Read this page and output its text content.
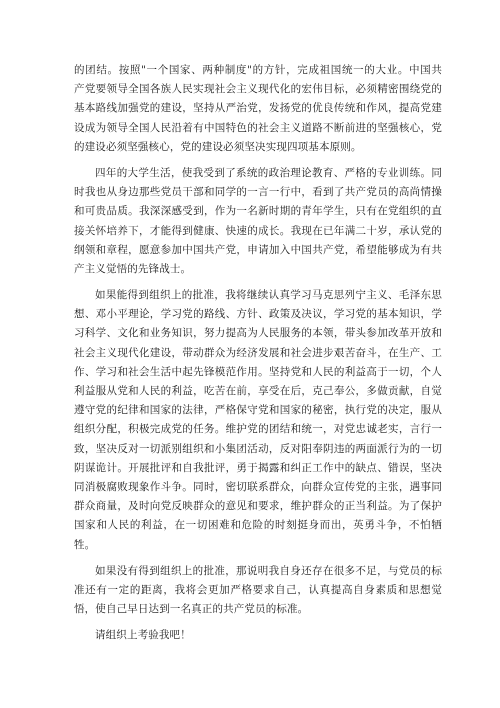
的团结。按照"一个国家、两种制度"的方针，完成祖国统一的大业。中国共
产党要领导全国各族人民实现社会主义现代化的宏伟目标，必须精密围绕党的
基本路线加强党的建设，坚持从严治党，发扬党的优良传统和作风，提高党建
设成为领导全国人民沿着有中国特色的社会主义道路不断前进的坚强核心，党
的建设必须坚强核心，党的建设必须坚决实现四项基本原则。
四年的大学生活，使我受到了系统的政治理论教育、严格的专业训练。同
时我也从身边那些党员干部和同学的一言一行中，看到了共产党员的高尚情操
和可贵品质。我深深感受到，作为一名新时期的青年学生，只有在党组织的直
接关怀培养下，才能得到健康、快速的成长。我现在已年满二十岁，承认党的
纲领和章程，愿意参加中国共产党，申请加入中国共产党，希望能够成为有共
产主义觉悟的先锋战士。
如果能得到组织上的批准，我将继续认真学习马克思列宁主义、毛泽东思
想、邓小平理论，学习党的路线、方针、政策及决议，学习党的基本知识，学
习科学、文化和业务知识，努力提高为人民服务的本领，带头参加改革开放和
社会主义现代化建设，带动群众为经济发展和社会进步艰苦奋斗，在生产、工
作、学习和社会生活中起先锋模范作用。坚持党和人民的利益高于一切，个人
利益服从党和人民的利益，吃苦在前，享受在后，克己奉公，多做贡献，自觉
遵守党的纪律和国家的法律，严格保守党和国家的秘密，执行党的决定，服从
组织分配，积极完成党的任务。维护党的团结和统一，对党忠诚老实，言行一
致，坚决反对一切派别组织和小集团活动，反对阳奉阴违的两面派行为的一切
阴谋诡计。开展批评和自我批评，勇于揭露和纠正工作中的缺点、错误，坚决
同消极腐败现象作斗争。同时，密切联系群众，向群众宣传党的主张，遇事同
群众商量，及时向党反映群众的意见和要求，维护群众的正当利益。为了保护
国家和人民的利益，在一切困难和危险的时刻挺身而出，英勇斗争，不怕牺
牲。
如果没有得到组织上的批准，那说明我自身还存在很多不足，与党员的标
准还有一定的距离，我将会更加严格要求自己，认真提高自身素质和思想觉
悟，使自己早日达到一名真正的共产党员的标准。
请组织上考验我吧！
